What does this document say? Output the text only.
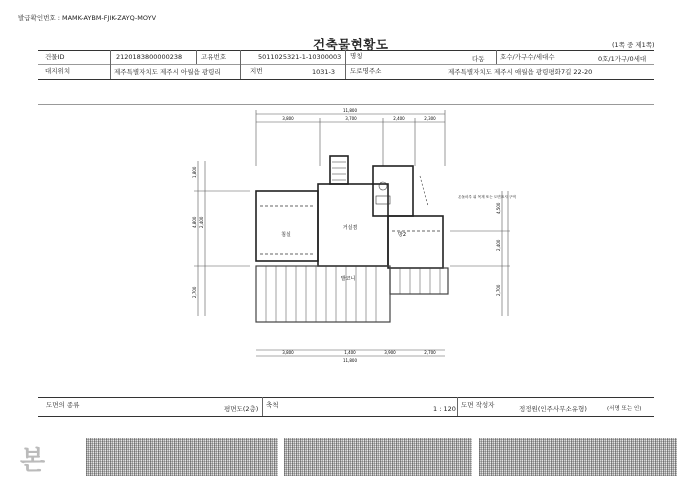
발급확인번호 : MAMK-AYBM-FJIK-ZAYQ-MOYV
건축물현황도	(1쪽 중 제1쪽)
건물ID	2120183800000238	고유번호	5011025321-1-10300003 명칭	다동 호수/가구수/세대수	0호/1가구/0세대
대지위치	제주특별자치도 제주시 아월읍 광령리	지번	1031-3 도로명주소	제주특별자치도 제주시 애월읍 광령평화7길 22-20
11,800
3,800	3,700	2,400	2,300
3,800	1,400	3,900	2,700
11,800
1,800
4,800 2,400
2,700
4,500
2,400
2,700
침실
거실겸
방2
발코니
온돌마루 위 목재 또는 도면표시 구역
도면의 종류	평면도(2층) 축척	1 : 120 도면 작성자	정정원(인주사무소유형)	(서명 또는 인)
본
